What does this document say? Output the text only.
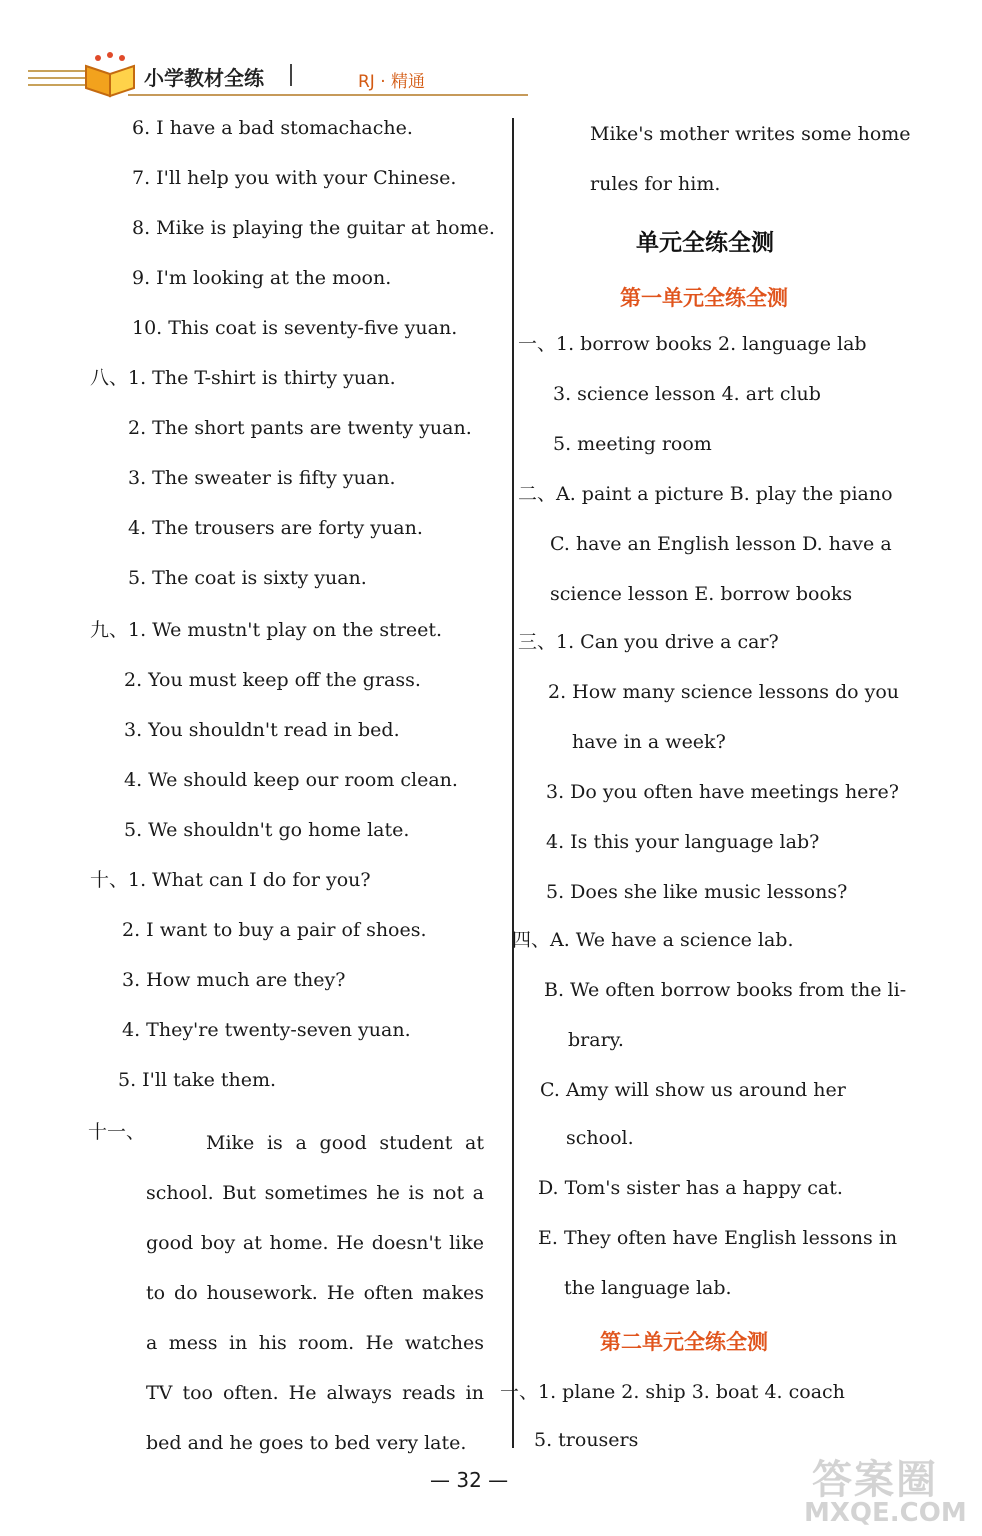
小学教材全练	RJ · 精通
6. I have a bad stomachache.
7. I'll help you with your Chinese.
8. Mike is playing the guitar at home.
9. I'm looking at the moon.
10. This coat is seventy-five yuan.
八、1. The T-shirt is thirty yuan.
2. The short pants are twenty yuan.
3. The sweater is fifty yuan.
4. The trousers are forty yuan.
5. The coat is sixty yuan.
九、1. We mustn't play on the street.
2. You must keep off the grass.
3. You shouldn't read in bed.
4. We should keep our room clean.
5. We shouldn't go home late.
十、1. What can I do for you?
2. I want to buy a pair of shoes.
3. How much are they?
4. They're twenty-seven yuan.
5. I'll take them.
十一、	Mike is a good student at school. But sometimes he is not a good boy at home. He doesn't like to do housework. He often makes a mess in his room. He watches TV too often. He always reads in bed and he goes to bed very late.
Mike's mother writes some home
rules for him.
单元全练全测
第一单元全练全测
一、1. borrow books 2. language lab
3. science lesson 4. art club
5. meeting room
二、A. paint a picture B. play the piano
C. have an English lesson D. have a
science lesson E. borrow books
三、1. Can you drive a car?
2. How many science lessons do you
have in a week?
3. Do you often have meetings here?
4. Is this your language lab?
5. Does she like music lessons?
四、A. We have a science lab.
B. We often borrow books from the li-
brary.
C. Amy will show us around her
school.
D. Tom's sister has a happy cat.
E. They often have English lessons in
the language lab.
第二单元全练全测
一、1. plane 2. ship 3. boat 4. coach
5. trousers
— 32 —	答案圈
MXQE.COM
